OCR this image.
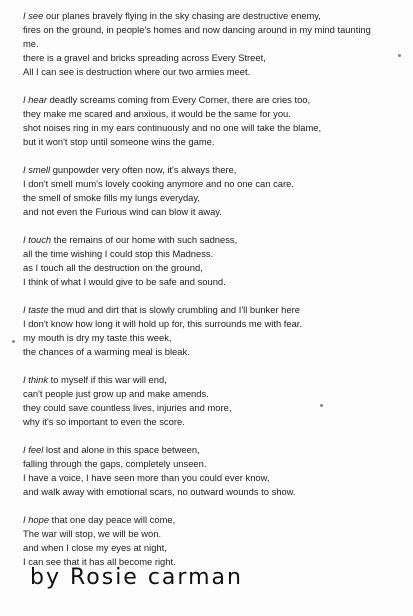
I see our planes bravely flying in the sky chasing are destructive enemy,
fires on the ground, in people's homes and now dancing around in my mind taunting
me.
there is a gravel and bricks spreading across Every Street,
All I can see is destruction where our two armies meet.
I hear deadly screams coming from Every Corner, there are cries too,
they make me scared and anxious, it would be the same for you.
shot noises ring in my ears continuously and no one will take the blame,
but it won't stop until someone wins the game.
I smell gunpowder very often now, it's always there,
I don't smell mum's lovely cooking anymore and no one can care.
the smell of smoke fills my lungs everyday,
and not even the Furious wind can blow it away.
I touch the remains of our home with such sadness,
all the time wishing I could stop this Madness.
as I touch all the destruction on the ground,
I think of what I would give to be safe and sound.
I taste the mud and dirt that is slowly crumbling and I'll bunker here
I don't know how long it will hold up for, this surrounds me with fear.
my mouth is dry my taste this week,
the chances of a warming meal is bleak.
I think to myself if this war will end,
can't people just grow up and make amends.
they could save countless lives, injuries and more,
why it's so important to even the score.
I feel lost and alone in this space between,
falling through the gaps, completely unseen.
I have a voice, I have seen more than you could ever know,
and walk away with emotional scars, no outward wounds to show.
I hope that one day peace will come,
The war will stop, we will be won.
and when I close my eyes at night,
I can see that it has all become right.
by Rosie carman
